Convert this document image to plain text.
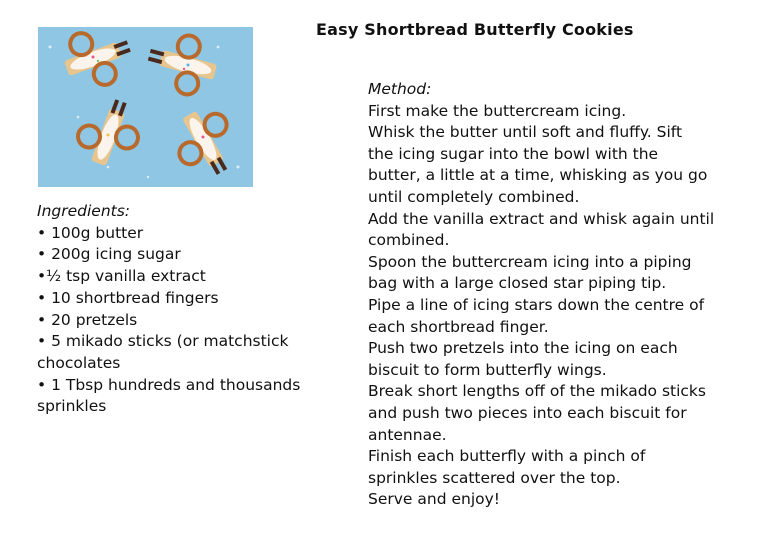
Easy Shortbread Butterfly Cookies
Ingredients:
• 100g butter
• 200g icing sugar
•½ tsp vanilla extract
• 10 shortbread fingers
• 20 pretzels
• 5 mikado sticks (or matchstick chocolates
• 1 Tbsp hundreds and thousands sprinkles
Method:
First make the buttercream icing.
Whisk the butter until soft and fluffy. Sift
the icing sugar into the bowl with the
butter, a little at a time, whisking as you go
until completely combined.
Add the vanilla extract and whisk again until
combined.
Spoon the buttercream icing into a piping
bag with a large closed star piping tip.
Pipe a line of icing stars down the centre of
each shortbread finger.
Push two pretzels into the icing on each
biscuit to form butterfly wings.
Break short lengths off of the mikado sticks
and push two pieces into each biscuit for
antennae.
Finish each butterfly with a pinch of
sprinkles scattered over the top.
Serve and enjoy!
